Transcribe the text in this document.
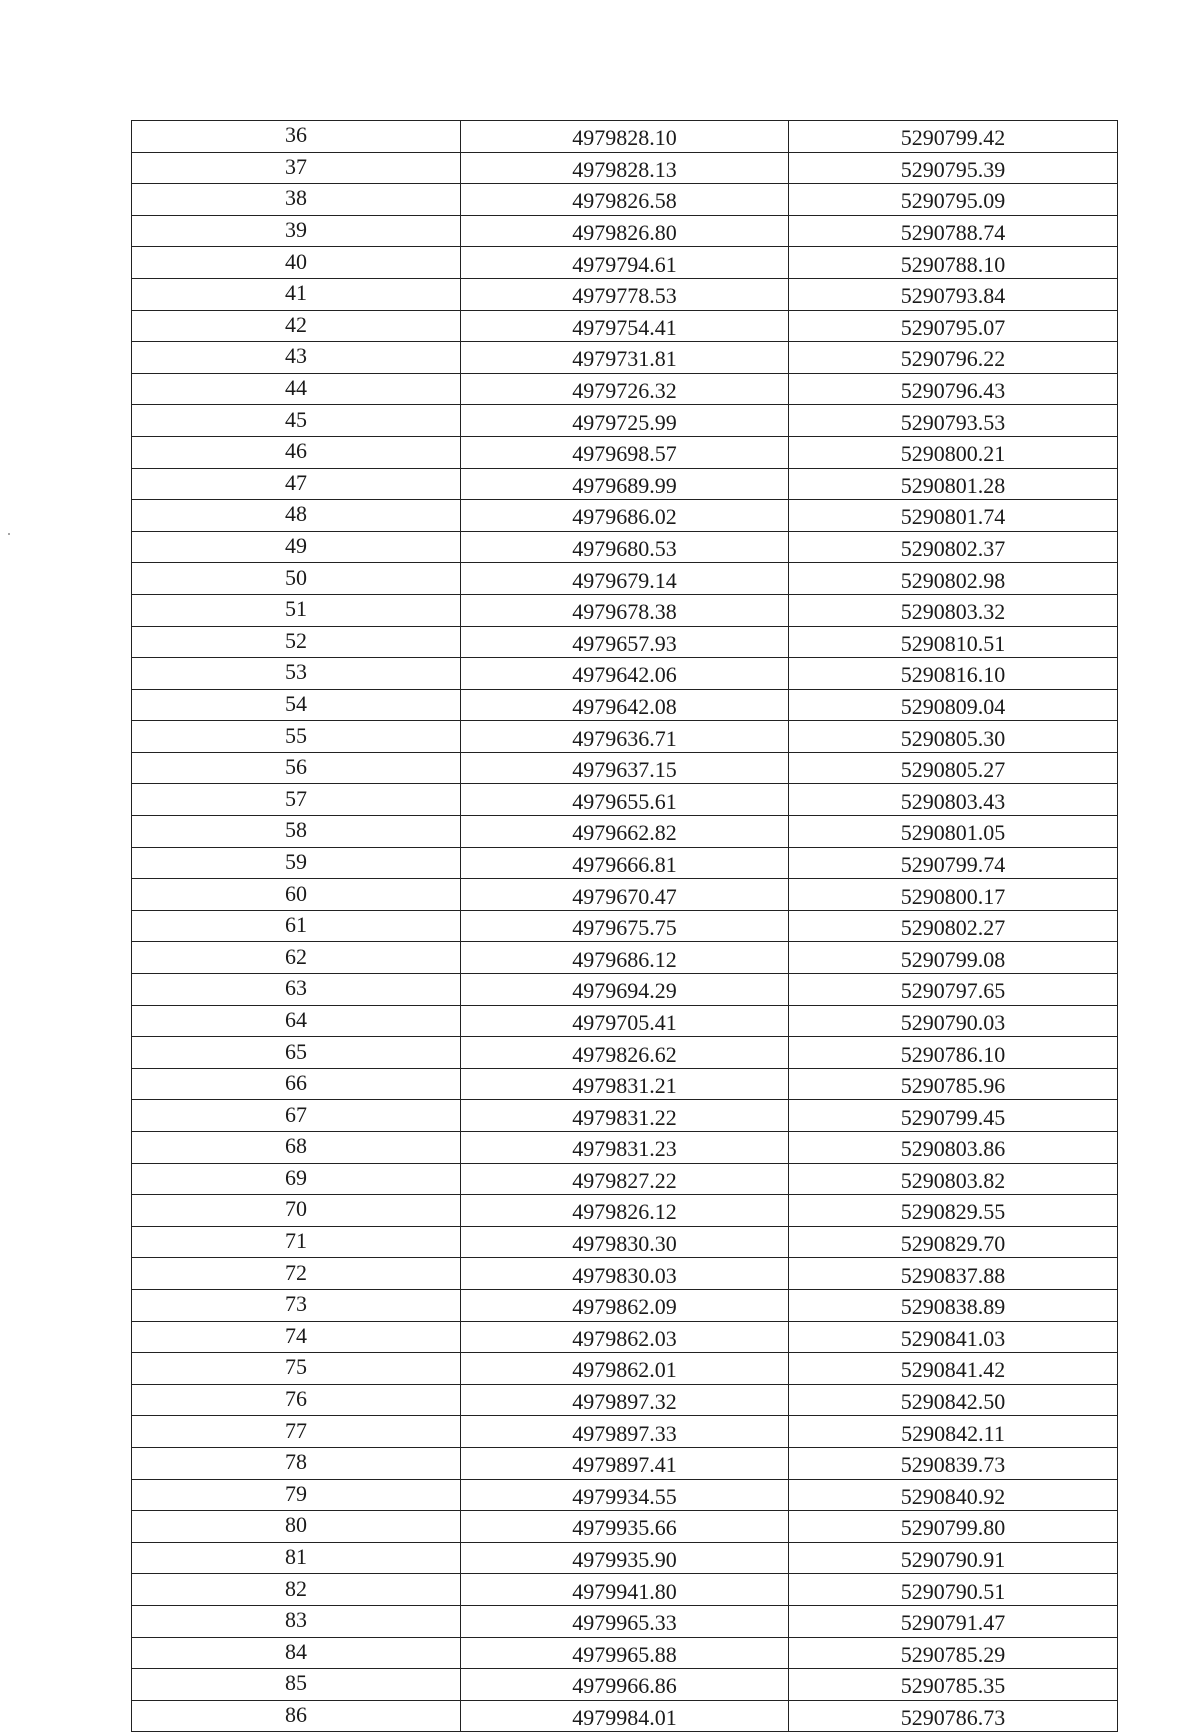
36	4979828.10	5290799.42
37	4979828.13	5290795.39
38	4979826.58	5290795.09
39	4979826.80	5290788.74
40	4979794.61	5290788.10
41	4979778.53	5290793.84
42	4979754.41	5290795.07
43	4979731.81	5290796.22
44	4979726.32	5290796.43
45	4979725.99	5290793.53
46	4979698.57	5290800.21
47	4979689.99	5290801.28
48	4979686.02	5290801.74
49	4979680.53	5290802.37
50	4979679.14	5290802.98
51	4979678.38	5290803.32
52	4979657.93	5290810.51
53	4979642.06	5290816.10
54	4979642.08	5290809.04
55	4979636.71	5290805.30
56	4979637.15	5290805.27
57	4979655.61	5290803.43
58	4979662.82	5290801.05
59	4979666.81	5290799.74
60	4979670.47	5290800.17
61	4979675.75	5290802.27
62	4979686.12	5290799.08
63	4979694.29	5290797.65
64	4979705.41	5290790.03
65	4979826.62	5290786.10
66	4979831.21	5290785.96
67	4979831.22	5290799.45
68	4979831.23	5290803.86
69	4979827.22	5290803.82
70	4979826.12	5290829.55
71	4979830.30	5290829.70
72	4979830.03	5290837.88
73	4979862.09	5290838.89
74	4979862.03	5290841.03
75	4979862.01	5290841.42
76	4979897.32	5290842.50
77	4979897.33	5290842.11
78	4979897.41	5290839.73
79	4979934.55	5290840.92
80	4979935.66	5290799.80
81	4979935.90	5290790.91
82	4979941.80	5290790.51
83	4979965.33	5290791.47
84	4979965.88	5290785.29
85	4979966.86	5290785.35
86	4979984.01	5290786.73
